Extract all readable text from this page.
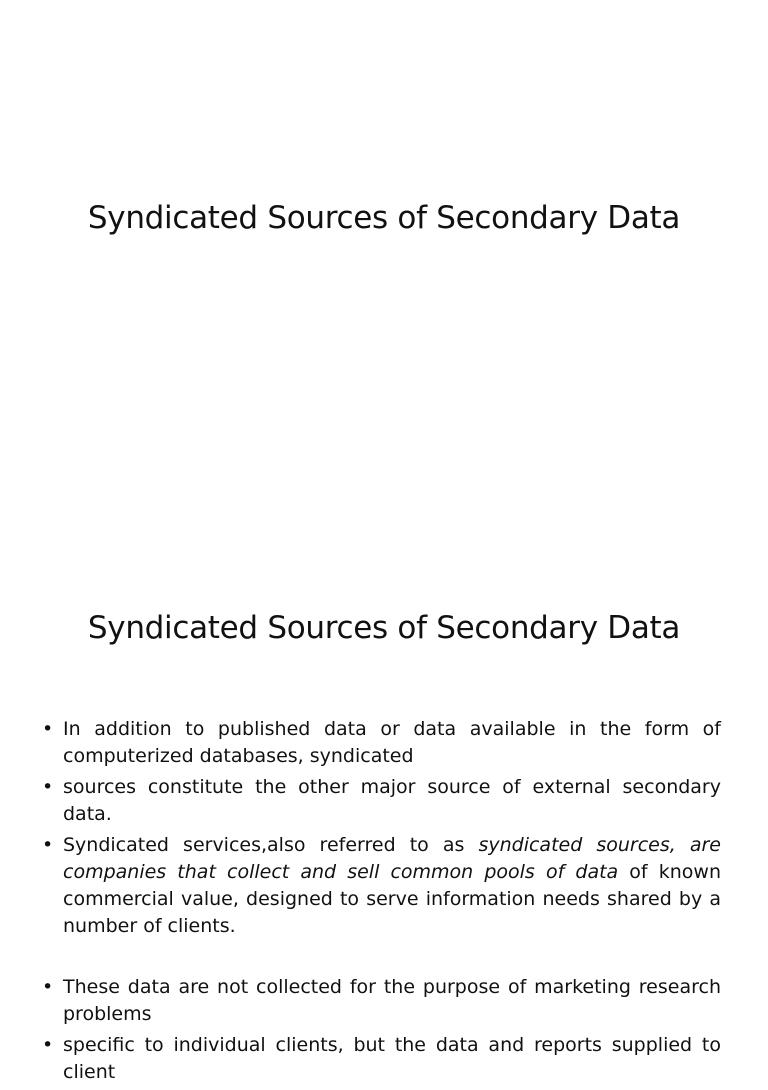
Syndicated Sources of Secondary Data
Syndicated Sources of Secondary Data
• In addition to published data or data available in the form of computerized databases, syndicated
• sources constitute the other major source of external secondary data.
• Syndicated services,also referred to as syndicated sources, are companies that collect and sell common pools of data of known commercial value, designed to serve information needs shared by a number of clients.
• These data are not collected for the purpose of marketing research problems
• specific to individual clients, but the data and reports supplied to client
